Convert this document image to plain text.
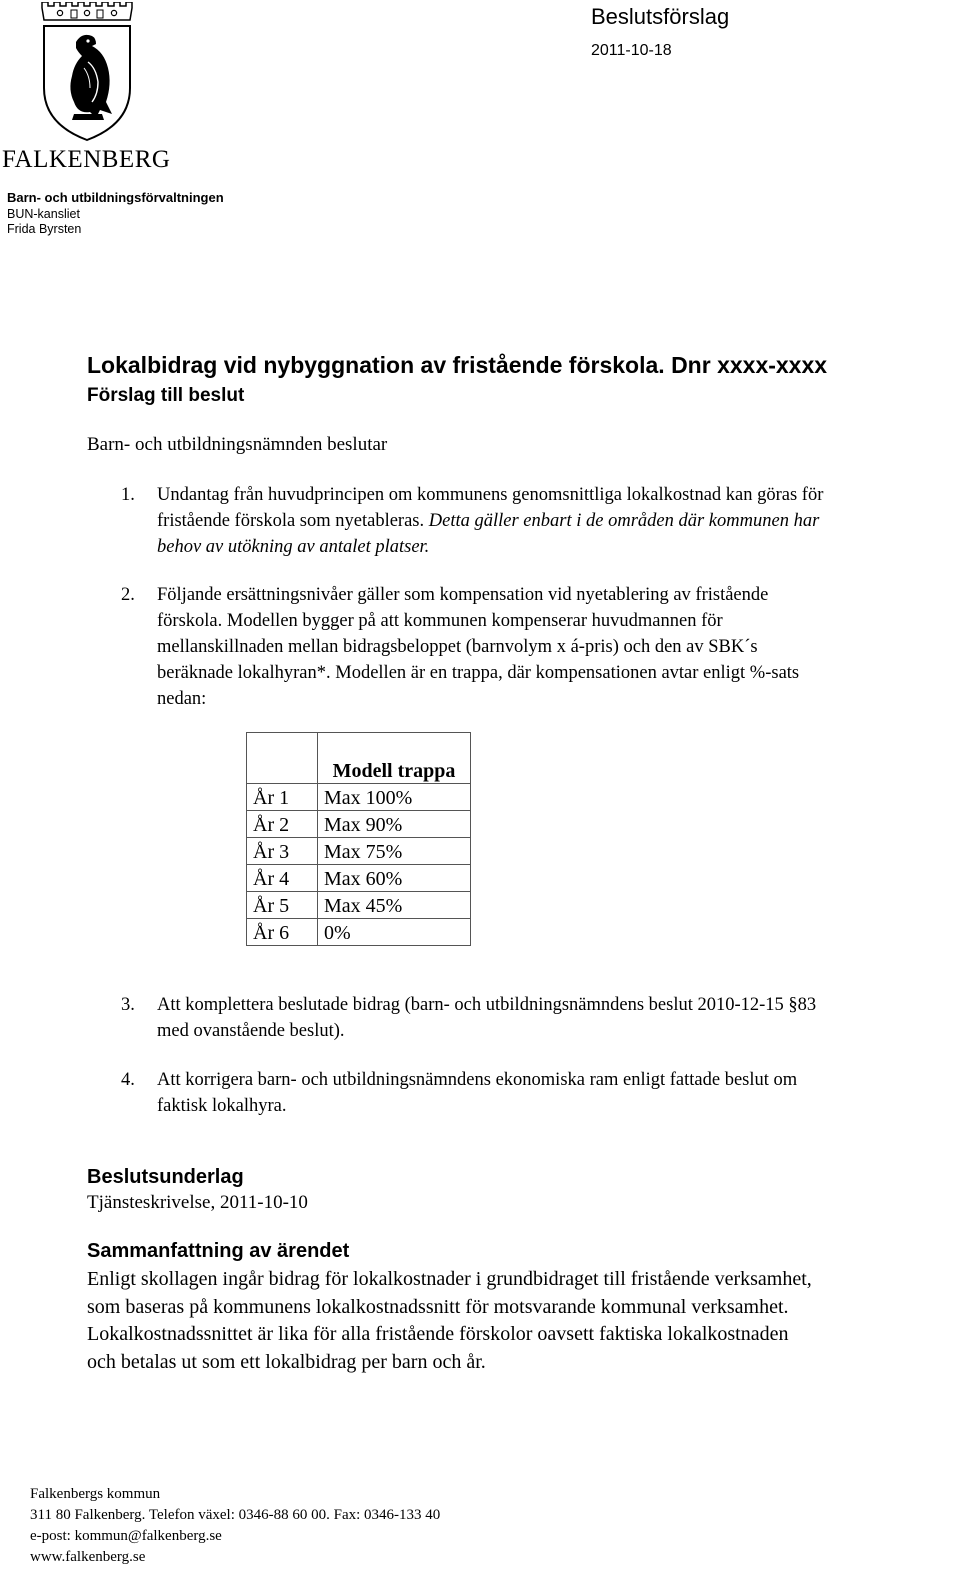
FALKENBERG
Barn- och utbildningsförvaltningen
BUN-kansliet
Frida Byrsten
Beslutsförslag
2011-10-18
Lokalbidrag vid nybyggnation av fristående förskola. Dnr xxxx-xxxx
Förslag till beslut
Barn- och utbildningsnämnden beslutar
1.	Undantag från huvudprincipen om kommunens genomsnittliga lokalkostnad kan göras för
fristående förskola som nyetableras. Detta gäller enbart i de områden där kommunen har
behov av utökning av antalet platser.
2.	Följande ersättningsnivåer gäller som kompensation vid nyetablering av fristående
förskola. Modellen bygger på att kommunen kompenserar huvudmannen för
mellanskillnaden mellan bidragsbeloppet (barnvolym x á-pris) och den av SBK´s
beräknade lokalhyran*. Modellen är en trappa, där kompensationen avtar enligt %-sats
nedan:
	Modell trappa
År 1	Max 100%
År 2	Max 90%
År 3	Max 75%
År 4	Max 60%
År 5	Max 45%
År 6	0%
3.	Att komplettera beslutade bidrag (barn- och utbildningsnämndens beslut 2010-12-15 §83
med ovanstående beslut).
4.	Att korrigera barn- och utbildningsnämndens ekonomiska ram enligt fattade beslut om
faktisk lokalhyra.
Beslutsunderlag
Tjänsteskrivelse, 2011-10-10
Sammanfattning av ärendet
Enligt skollagen ingår bidrag för lokalkostnader i grundbidraget till fristående verksamhet,
som baseras på kommunens lokalkostnadssnitt för motsvarande kommunal verksamhet.
Lokalkostnadssnittet är lika för alla fristående förskolor oavsett faktiska lokalkostnaden
och betalas ut som ett lokalbidrag per barn och år.
Falkenbergs kommun
311 80 Falkenberg. Telefon växel: 0346-88 60 00. Fax: 0346-133 40
e-post: kommun@falkenberg.se
www.falkenberg.se
